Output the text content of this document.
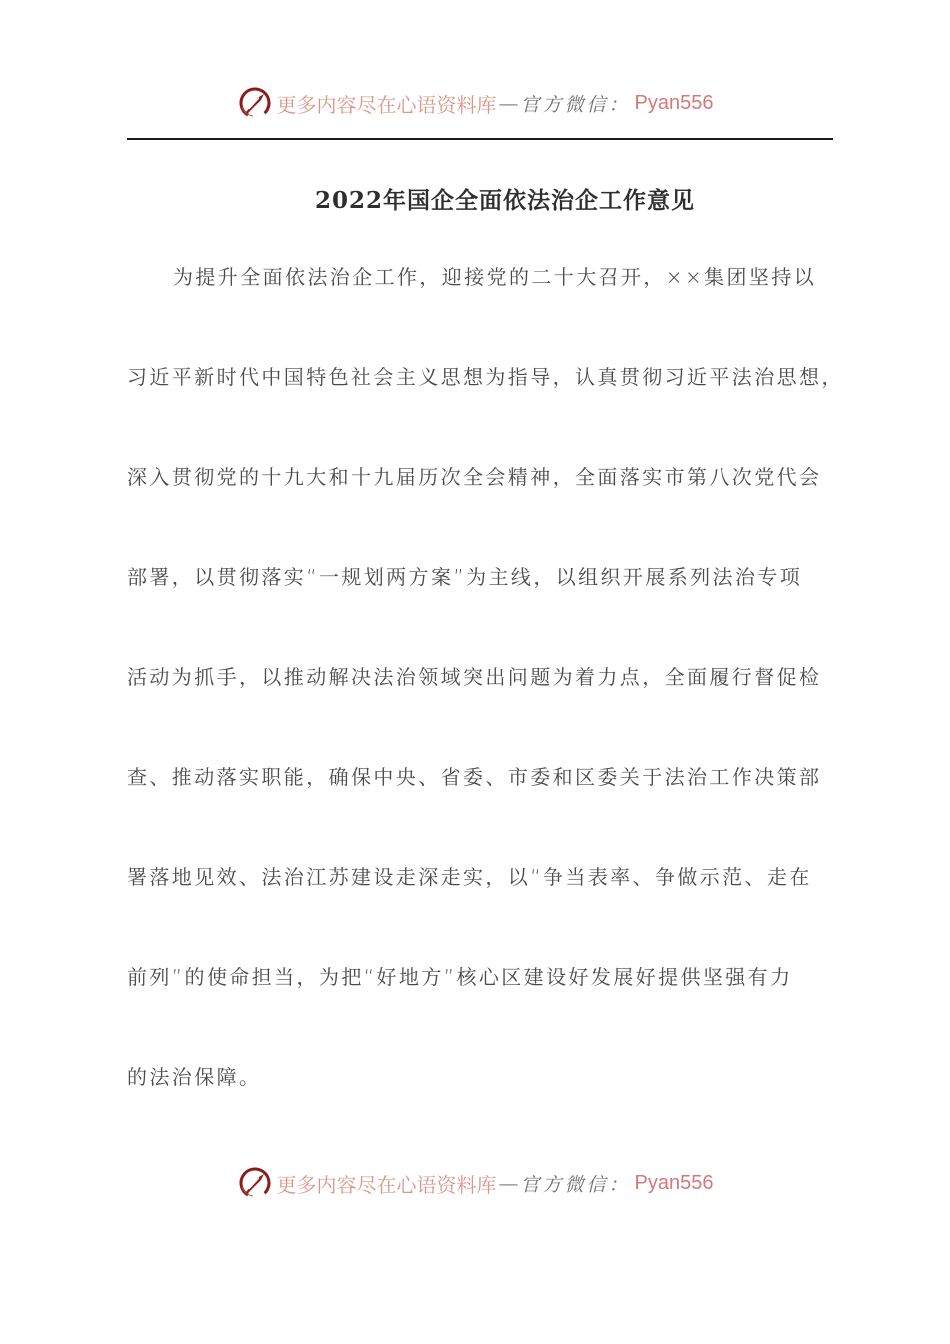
更多内容尽在心语资料库 — 官方微信： Pyan556
2022年国企全面依法治企工作意见
为提升全面依法治企工作，迎接党的二十大召开，××集团坚持以
习近平新时代中国特色社会主义思想为指导，认真贯彻习近平法治思想，
深入贯彻党的十九大和十九届历次全会精神，全面落实市第八次党代会
部署，以贯彻落实“一规划两方案”为主线，以组织开展系列法治专项
活动为抓手，以推动解决法治领域突出问题为着力点，全面履行督促检
查、推动落实职能，确保中央、省委、市委和区委关于法治工作决策部
署落地见效、法治江苏建设走深走实，以“争当表率、争做示范、走在
前列”的使命担当，为把“好地方”核心区建设好发展好提供坚强有力
的法治保障。
更多内容尽在心语资料库 — 官方微信： Pyan556
